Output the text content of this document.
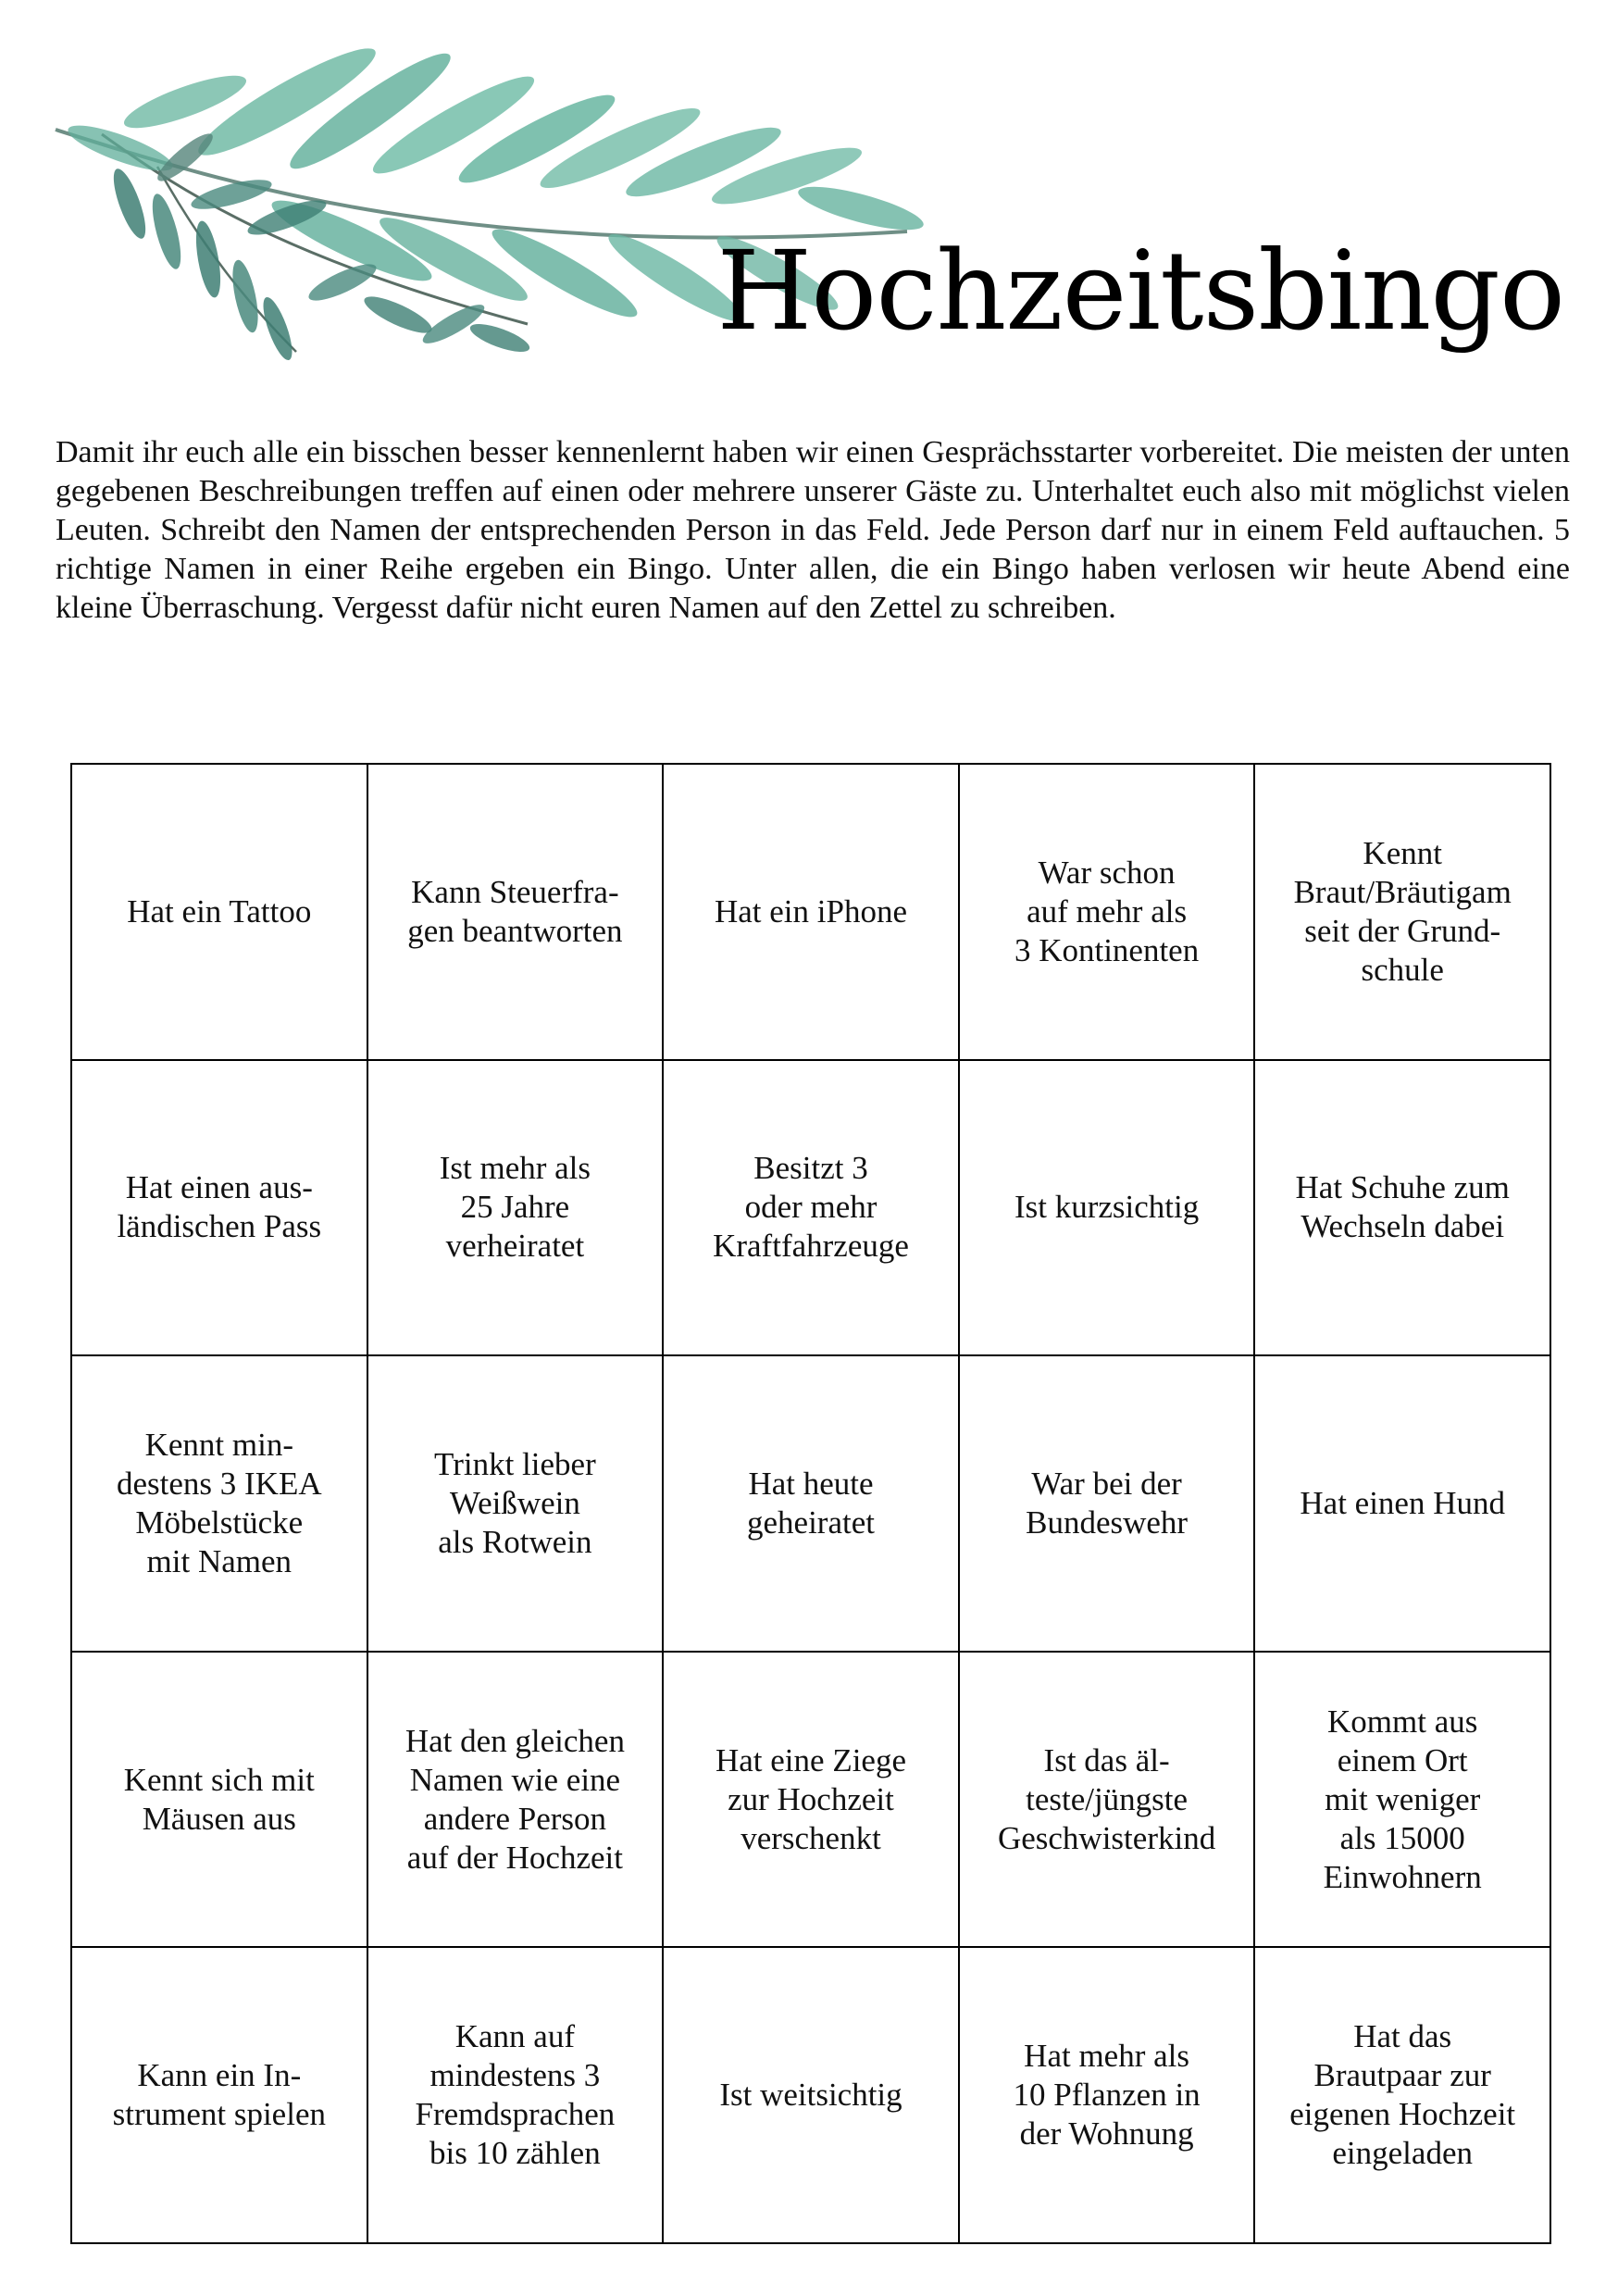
Hochzeitsbingo

Damit ihr euch alle ein bisschen besser kennenlernt haben wir einen Gesprächsstarter vorbereitet. Die meisten der unten gegebenen Beschreibungen treffen auf einen oder mehrere unserer Gäste zu. Unterhaltet euch also mit möglichst vielen Leuten. Schreibt den Namen der entsprechenden Person in das Feld. Jede Person darf nur in einem Feld auftauchen. 5 richtige Namen in einer Reihe ergeben ein Bingo. Unter allen, die ein Bingo haben verlosen wir heute Abend eine kleine Überraschung. Vergesst dafür nicht euren Namen auf den Zettel zu schreiben.

Hat ein Tattoo
Kann Steuerfra-
gen beantworten
Hat ein iPhone
War schon
auf mehr als
3 Kontinenten
Kennt
Braut/Bräutigam
seit der Grund-
schule
Hat einen aus-
ländischen Pass
Ist mehr als
25 Jahre
verheiratet
Besitzt 3
oder mehr
Kraftfahrzeuge
Ist kurzsichtig
Hat Schuhe zum
Wechseln dabei
Kennt min-
destens 3 IKEA
Möbelstücke
mit Namen
Trinkt lieber
Weißwein
als Rotwein
Hat heute
geheiratet
War bei der
Bundeswehr
Hat einen Hund
Kennt sich mit
Mäusen aus
Hat den gleichen
Namen wie eine
andere Person
auf der Hochzeit
Hat eine Ziege
zur Hochzeit
verschenkt
Ist das äl-
teste/jüngste
Geschwisterkind
Kommt aus
einem Ort
mit weniger
als 15000
Einwohnern
Kann ein In-
strument spielen
Kann auf
mindestens 3
Fremdsprachen
bis 10 zählen
Ist weitsichtig
Hat mehr als
10 Pflanzen in
der Wohnung
Hat das
Brautpaar zur
eigenen Hochzeit
eingeladen
